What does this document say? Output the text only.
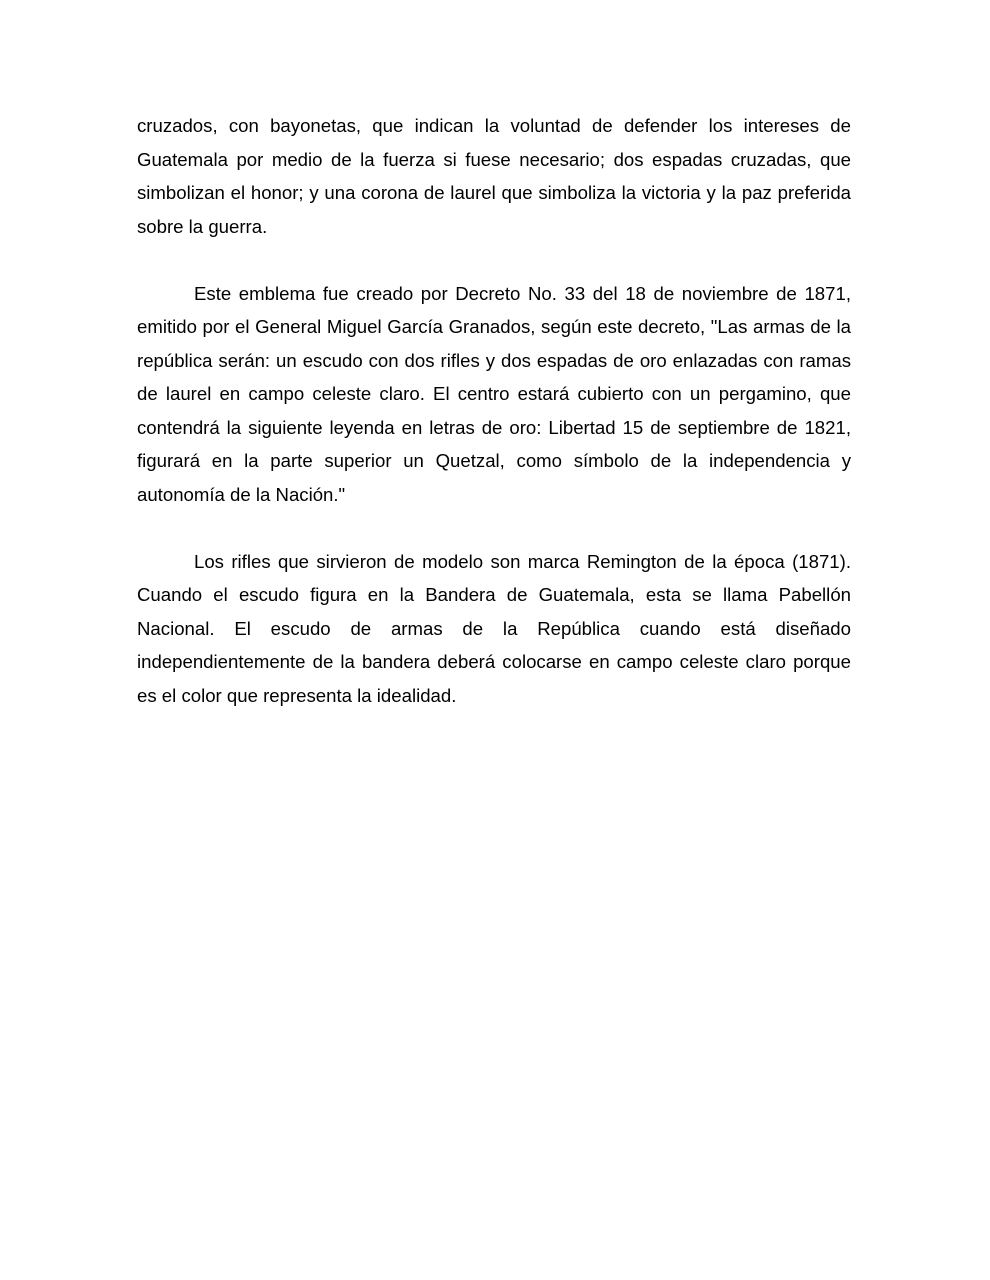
cruzados, con bayonetas, que indican la voluntad de defender los intereses de Guatemala por medio de la fuerza si fuese necesario; dos espadas cruzadas, que simbolizan el honor; y una corona de laurel que simboliza la victoria y la paz preferida sobre la guerra.

Este emblema fue creado por Decreto No. 33 del 18 de noviembre de 1871, emitido por el General Miguel García Granados, según este decreto, "Las armas de la república serán: un escudo con dos rifles y dos espadas de oro enlazadas con ramas de laurel en campo celeste claro. El centro estará cubierto con un pergamino, que contendrá la siguiente leyenda en letras de oro: Libertad 15 de septiembre de 1821, figurará en la parte superior un Quetzal, como símbolo de la independencia y autonomía de la Nación."

Los rifles que sirvieron de modelo son marca Remington de la época (1871). Cuando el escudo figura en la Bandera de Guatemala, esta se llama Pabellón Nacional. El escudo de armas de la República cuando está diseñado independientemente de la bandera deberá colocarse en campo celeste claro porque es el color que representa la idealidad.
